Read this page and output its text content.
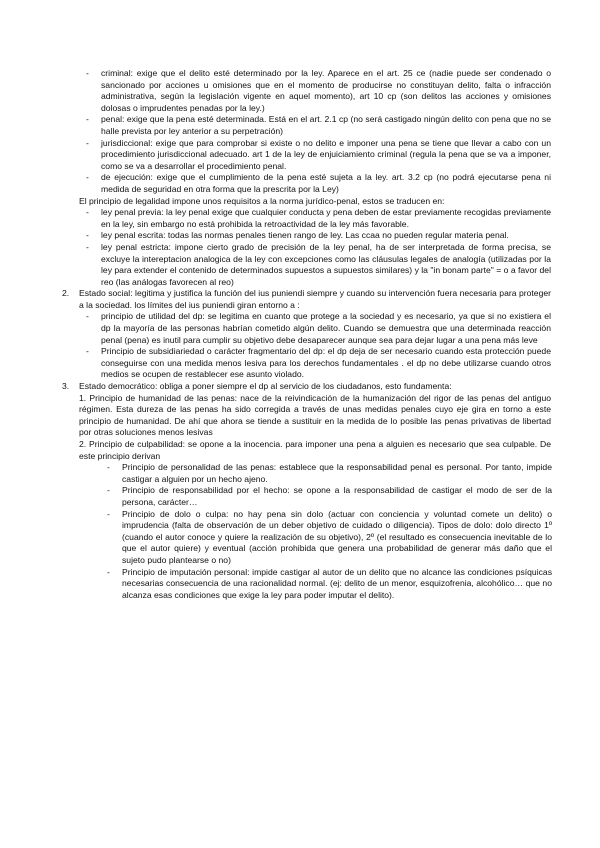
- criminal: exige que el delito esté determinado por la ley. Aparece en el art. 25 ce (nadie puede ser condenado o sancionado por acciones u omisiones que en el momento de producirse no constituyan delito, falta o infracción administrativa, según la legislación vigente en aquel momento), art 10 cp (son delitos las acciones y omisiones dolosas o imprudentes penadas por la ley.)
- penal: exige que la pena esté determinada. Está en el art. 2.1 cp (no será castigado ningún delito con pena que no se halle prevista por ley anterior a su perpetración)
- jurisdiccional: exige que para comprobar si existe o no delito e imponer una pena se tiene que llevar a cabo con un procedimiento jurisdiccional adecuado. art 1 de la ley de enjuiciamiento criminal (regula la pena que se va a imponer, como se va a desarrollar el procedimiento penal.
- de ejecución: exige que el cumplimiento de la pena esté sujeta a la ley. art. 3.2 cp (no podrá ejecutarse pena ni medida de seguridad en otra forma que la prescrita por la Ley)
El principio de legalidad impone unos requisitos a la norma jurídico-penal, estos se traducen en:
- ley penal previa: la ley penal exige que cualquier conducta y pena deben de estar previamente recogidas previamente en la ley, sin embargo no está prohibida la retroactividad de la ley más favorable.
- ley penal escrita: todas las normas penales tienen rango de ley. Las ccaa no pueden regular materia penal.
- ley penal estricta: impone cierto grado de precisión de la ley penal, ha de ser interpretada de forma precisa, se excluye la intereptacion analogica de la ley con excepciones como las cláusulas legales de analogía (utilizadas por la ley para extender el contenido de determinados supuestos a supuestos similares) y la "in bonam parte" = o a favor del reo (las análogas favorecen al reo)
2. Estado social: legitima y justifica la función del ius puniendi siempre y cuando su intervención fuera necesaria para proteger a la sociedad. los límites del ius puniendi giran entorno a :
- principio de utilidad del dp: se legitima en cuanto que protege a la sociedad y es necesario, ya que si no existiera el dp la mayoría de las personas habrían cometido algún delito. Cuando se demuestra que una determinada reacción penal (pena) es inutil para cumplir su objetivo debe desaparecer aunque sea para dejar lugar a una pena más leve
- Principio de subsidiariedad o carácter fragmentario del dp: el dp deja de ser necesario cuando esta protección puede conseguirse con una medida menos lesiva para los derechos fundamentales . el dp no debe utilizarse cuando otros medios se ocupen de restablecer ese asunto violado.
3. Estado democrático: obliga a poner siempre el dp al servicio de los ciudadanos, esto fundamenta:
1. Principio de humanidad de las penas: nace de la reivindicación de la humanización del rigor de las penas del antiguo régimen. Esta dureza de las penas ha sido corregida a través de unas medidas penales cuyo eje gira en torno a este principio de humanidad. De ahí que ahora se tiende a sustituir en la medida de lo posible las penas privativas de libertad por otras soluciones menos lesivas
2. Principio de culpabilidad: se opone a la inocencia. para imponer una pena a alguien es necesario que sea culpable. De este principio derivan
- Principio de personalidad de las penas: establece que la responsabilidad penal es personal. Por tanto, impide castigar a alguien por un hecho ajeno.
- Principio de responsabilidad por el hecho: se opone a la responsabilidad de castigar el modo de ser de la persona, carácter…
- Principio de dolo o culpa: no hay pena sin dolo (actuar con conciencia y voluntad comete un delito) o imprudencia (falta de observación de un deber objetivo de cuidado o diligencia). Tipos de dolo: dolo directo 1º (cuando el autor conoce y quiere la realización de su objetivo), 2º (el resultado es consecuencia inevitable de lo que el autor quiere) y eventual (acción prohibida que genera una probabilidad de generar más daño que el sujeto pudo plantearse o no)
- Principio de imputación personal: impide castigar al autor de un delito que no alcance las condiciones psíquicas necesarias consecuencia de una racionalidad normal. (ej: delito de un menor, esquizofrenia, alcohólico… que no alcanza esas condiciones que exige la ley para poder imputar el delito).
